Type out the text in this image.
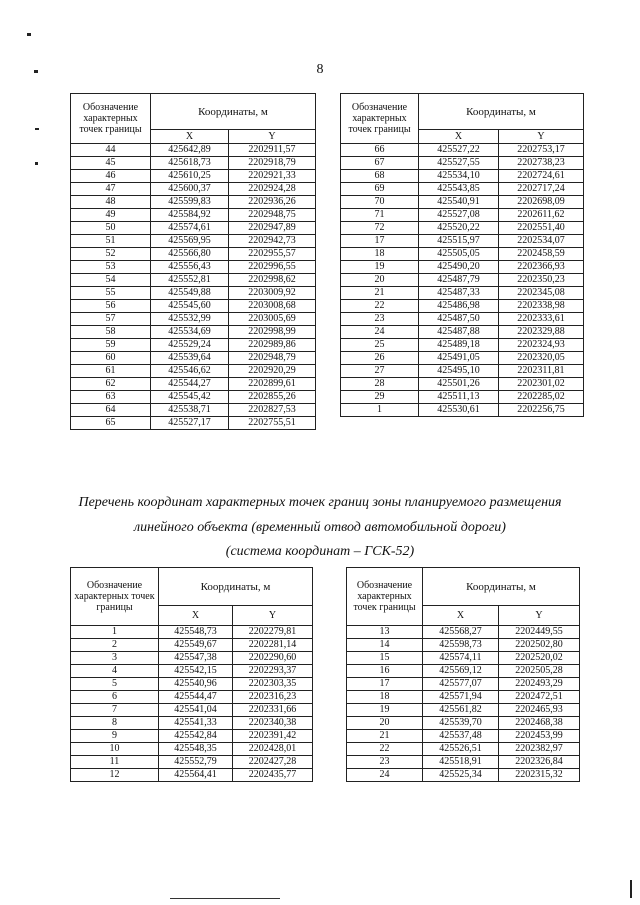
8
Обозначение характерных точек границы	Координаты, м	
	X	Y
44	425642,89	2202911,57
45	425618,73	2202918,79
46	425610,25	2202921,33
47	425600,37	2202924,28
48	425599,83	2202936,26
49	425584,92	2202948,75
50	425574,61	2202947,89
51	425569,95	2202942,73
52	425566,80	2202955,57
53	425556,43	2202996,55
54	425552,81	2202998,62
55	425549,88	2203009,92
56	425545,60	2203008,68
57	425532,99	2203005,69
58	425534,69	2202998,99
59	425529,24	2202989,86
60	425539,64	2202948,79
61	425546,62	2202920,29
62	425544,27	2202899,61
63	425545,42	2202855,26
64	425538,71	2202827,53
65	425527,17	2202755,51
Обозначение характерных точек границы	Координаты, м	
	X	Y
66	425527,22	2202753,17
67	425527,55	2202738,23
68	425534,10	2202724,61
69	425543,85	2202717,24
70	425540,91	2202698,09
71	425527,08	2202611,62
72	425520,22	2202551,40
17	425515,97	2202534,07
18	425505,05	2202458,59
19	425490,20	2202366,93
20	425487,79	2202350,23
21	425487,33	2202345,08
22	425486,98	2202338,98
23	425487,50	2202333,61
24	425487,88	2202329,88
25	425489,18	2202324,93
26	425491,05	2202320,05
27	425495,10	2202311,81
28	425501,26	2202301,02
29	425511,13	2202285,02
1	425530,61	2202256,75
Перечень координат характерных точек границ зоны планируемого размещения
линейного объекта (временный отвод автомобильной дороги)
(система координат – ГСК-52)
Обозначение характерных точек границы	Координаты, м	
	X	Y
1	425548,73	2202279,81
2	425549,67	2202281,14
3	425547,38	2202290,60
4	425542,15	2202293,37
5	425540,96	2202303,35
6	425544,47	2202316,23
7	425541,04	2202331,66
8	425541,33	2202340,38
9	425542,84	2202391,42
10	425548,35	2202428,01
11	425552,79	2202427,28
12	425564,41	2202435,77
Обозначение характерных точек границы	Координаты, м	
	X	Y
13	425568,27	2202449,55
14	425598,73	2202502,80
15	425574,11	2202520,02
16	425569,12	2202505,28
17	425577,07	2202493,29
18	425571,94	2202472,51
19	425561,82	2202465,93
20	425539,70	2202468,38
21	425537,48	2202453,99
22	425526,51	2202382,97
23	425518,91	2202326,84
24	425525,34	2202315,32
